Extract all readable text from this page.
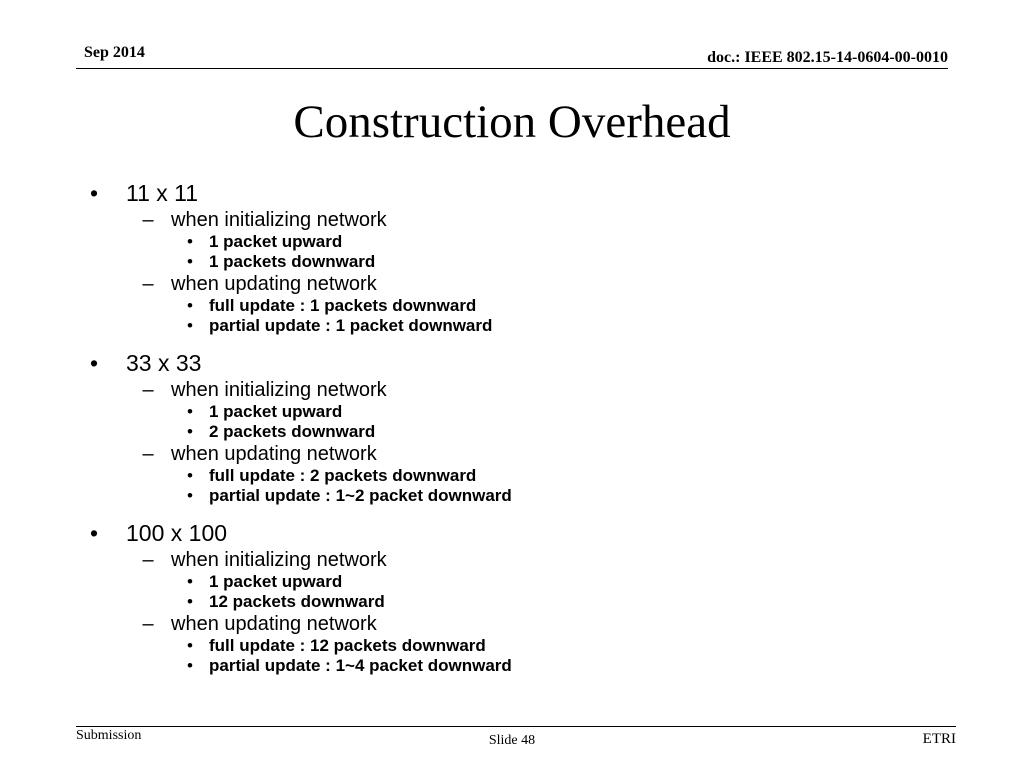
Sep 2014	doc.: IEEE 802.15-14-0604-00-0010
Construction Overhead
• 11 x 11
– when initializing network
• 1 packet upward
• 1 packets downward
– when updating network
• full update : 1 packets downward
• partial update : 1 packet downward
• 33 x 33
– when initializing network
• 1 packet upward
• 2 packets downward
– when updating network
• full update : 2 packets downward
• partial update : 1~2 packet downward
• 100 x 100
– when initializing network
• 1 packet upward
• 12 packets downward
– when updating network
• full update : 12 packets downward
• partial update : 1~4 packet downward
Submission	Slide 48	ETRI
